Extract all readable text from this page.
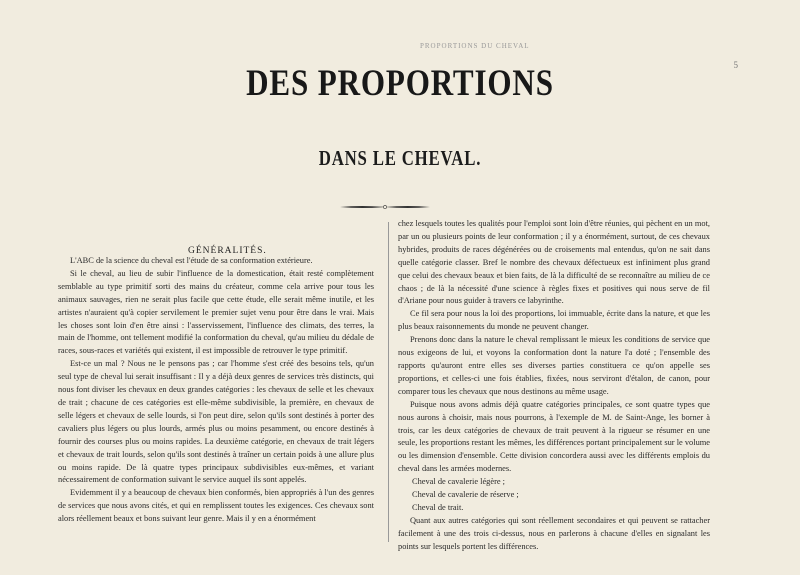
PROPORTIONS DU CHEVAL
5
DES PROPORTIONS
DANS LE CHEVAL.
GÉNÉRALITÉS.

L'ABC de la science du cheval est l'étude de sa conformation extérieure.

Si le cheval, au lieu de subir l'influence de la domestication, était resté complètement semblable au type primitif sorti des mains du créateur, comme cela arrive pour tous les animaux sauvages, rien ne serait plus facile que cette étude, elle serait même inutile, et les artistes n'auraient qu'à copier servilement le premier sujet venu pour être dans le vrai. Mais les choses sont loin d'en être ainsi : l'asservissement, l'influence des climats, des terres, la main de l'homme, ont tellement modifié la conformation du cheval, qu'au milieu du dédale de races, sous-races et variétés qui existent, il est impossible de retrouver le type primitif.

Est-ce un mal ? Nous ne le pensons pas ; car l'homme s'est créé des besoins tels, qu'un seul type de cheval lui serait insuffisant : Il y a déjà deux genres de services très distincts, qui nous font diviser les chevaux en deux grandes catégories : les chevaux de selle et les chevaux de trait ; chacune de ces catégories est elle-même subdivisible, la première, en chevaux de selle légers et chevaux de selle lourds, si l'on peut dire, selon qu'ils sont destinés à porter des cavaliers plus légers ou plus lourds, armés plus ou moins pesamment, ou encore destinés à fournir des courses plus ou moins rapides. La deuxième catégorie, en chevaux de trait légers et chevaux de trait lourds, selon qu'ils sont destinés à traîner un certain poids à une allure plus ou moins rapide. De là quatre types principaux subdivisibles eux-mêmes, et variant nécessairement de conformation suivant le service auquel ils sont appelés.

Evidemment il y a beaucoup de chevaux bien conformés, bien appropriés à l'un des genres de services que nous avons cités, et qui en remplissent toutes les exigences. Ces chevaux sont alors réellement beaux et bons suivant leur genre. Mais il y en a énormément

chez lesquels toutes les qualités pour l'emploi sont loin d'être réunies, qui pèchent en un mot, par un ou plusieurs points de leur conformation ; il y a énormément, surtout, de ces chevaux hybrides, produits de races dégénérées ou de croisements mal entendus, qu'on ne sait dans quelle catégorie classer. Bref le nombre des chevaux défectueux est infiniment plus grand que celui des chevaux beaux et bien faits, de là la difficulté de se reconnaître au milieu de ce chaos ; de là la nécessité d'une science à règles fixes et positives qui nous serve de fil d'Ariane pour nous guider à travers ce labyrinthe.

Ce fil sera pour nous la loi des proportions, loi immuable, écrite dans la nature, et que les plus beaux raisonnements du monde ne peuvent changer.

Prenons donc dans la nature le cheval remplissant le mieux les conditions de service que nous exigeons de lui, et voyons la conformation dont la nature l'a doté ; l'ensemble des rapports qu'auront entre elles ses diverses parties constituera ce qu'on appelle ses proportions, et celles-ci une fois établies, fixées, nous serviront d'étalon, de canon, pour comparer tous les chevaux que nous destinons au même usage.

Puisque nous avons admis déjà quatre catégories principales, ce sont quatre types que nous aurons à choisir, mais nous pourrons, à l'exemple de M. de Saint-Ange, les borner à trois, car les deux catégories de chevaux de trait peuvent à la rigueur se résumer en une seule, les proportions restant les mêmes, les différences portant principalement sur le volume ou les dimension d'ensemble. Cette division concordera aussi avec les différents emplois du cheval dans les armées modernes.

Cheval de cavalerie légère ;

Cheval de cavalerie de réserve ;

Cheval de trait.

Quant aux autres catégories qui sont réellement secondaires et qui peuvent se rattacher facilement à une des trois ci-dessus, nous en parlerons à chacune d'elles en signalant les points sur lesquels portent les différences.
